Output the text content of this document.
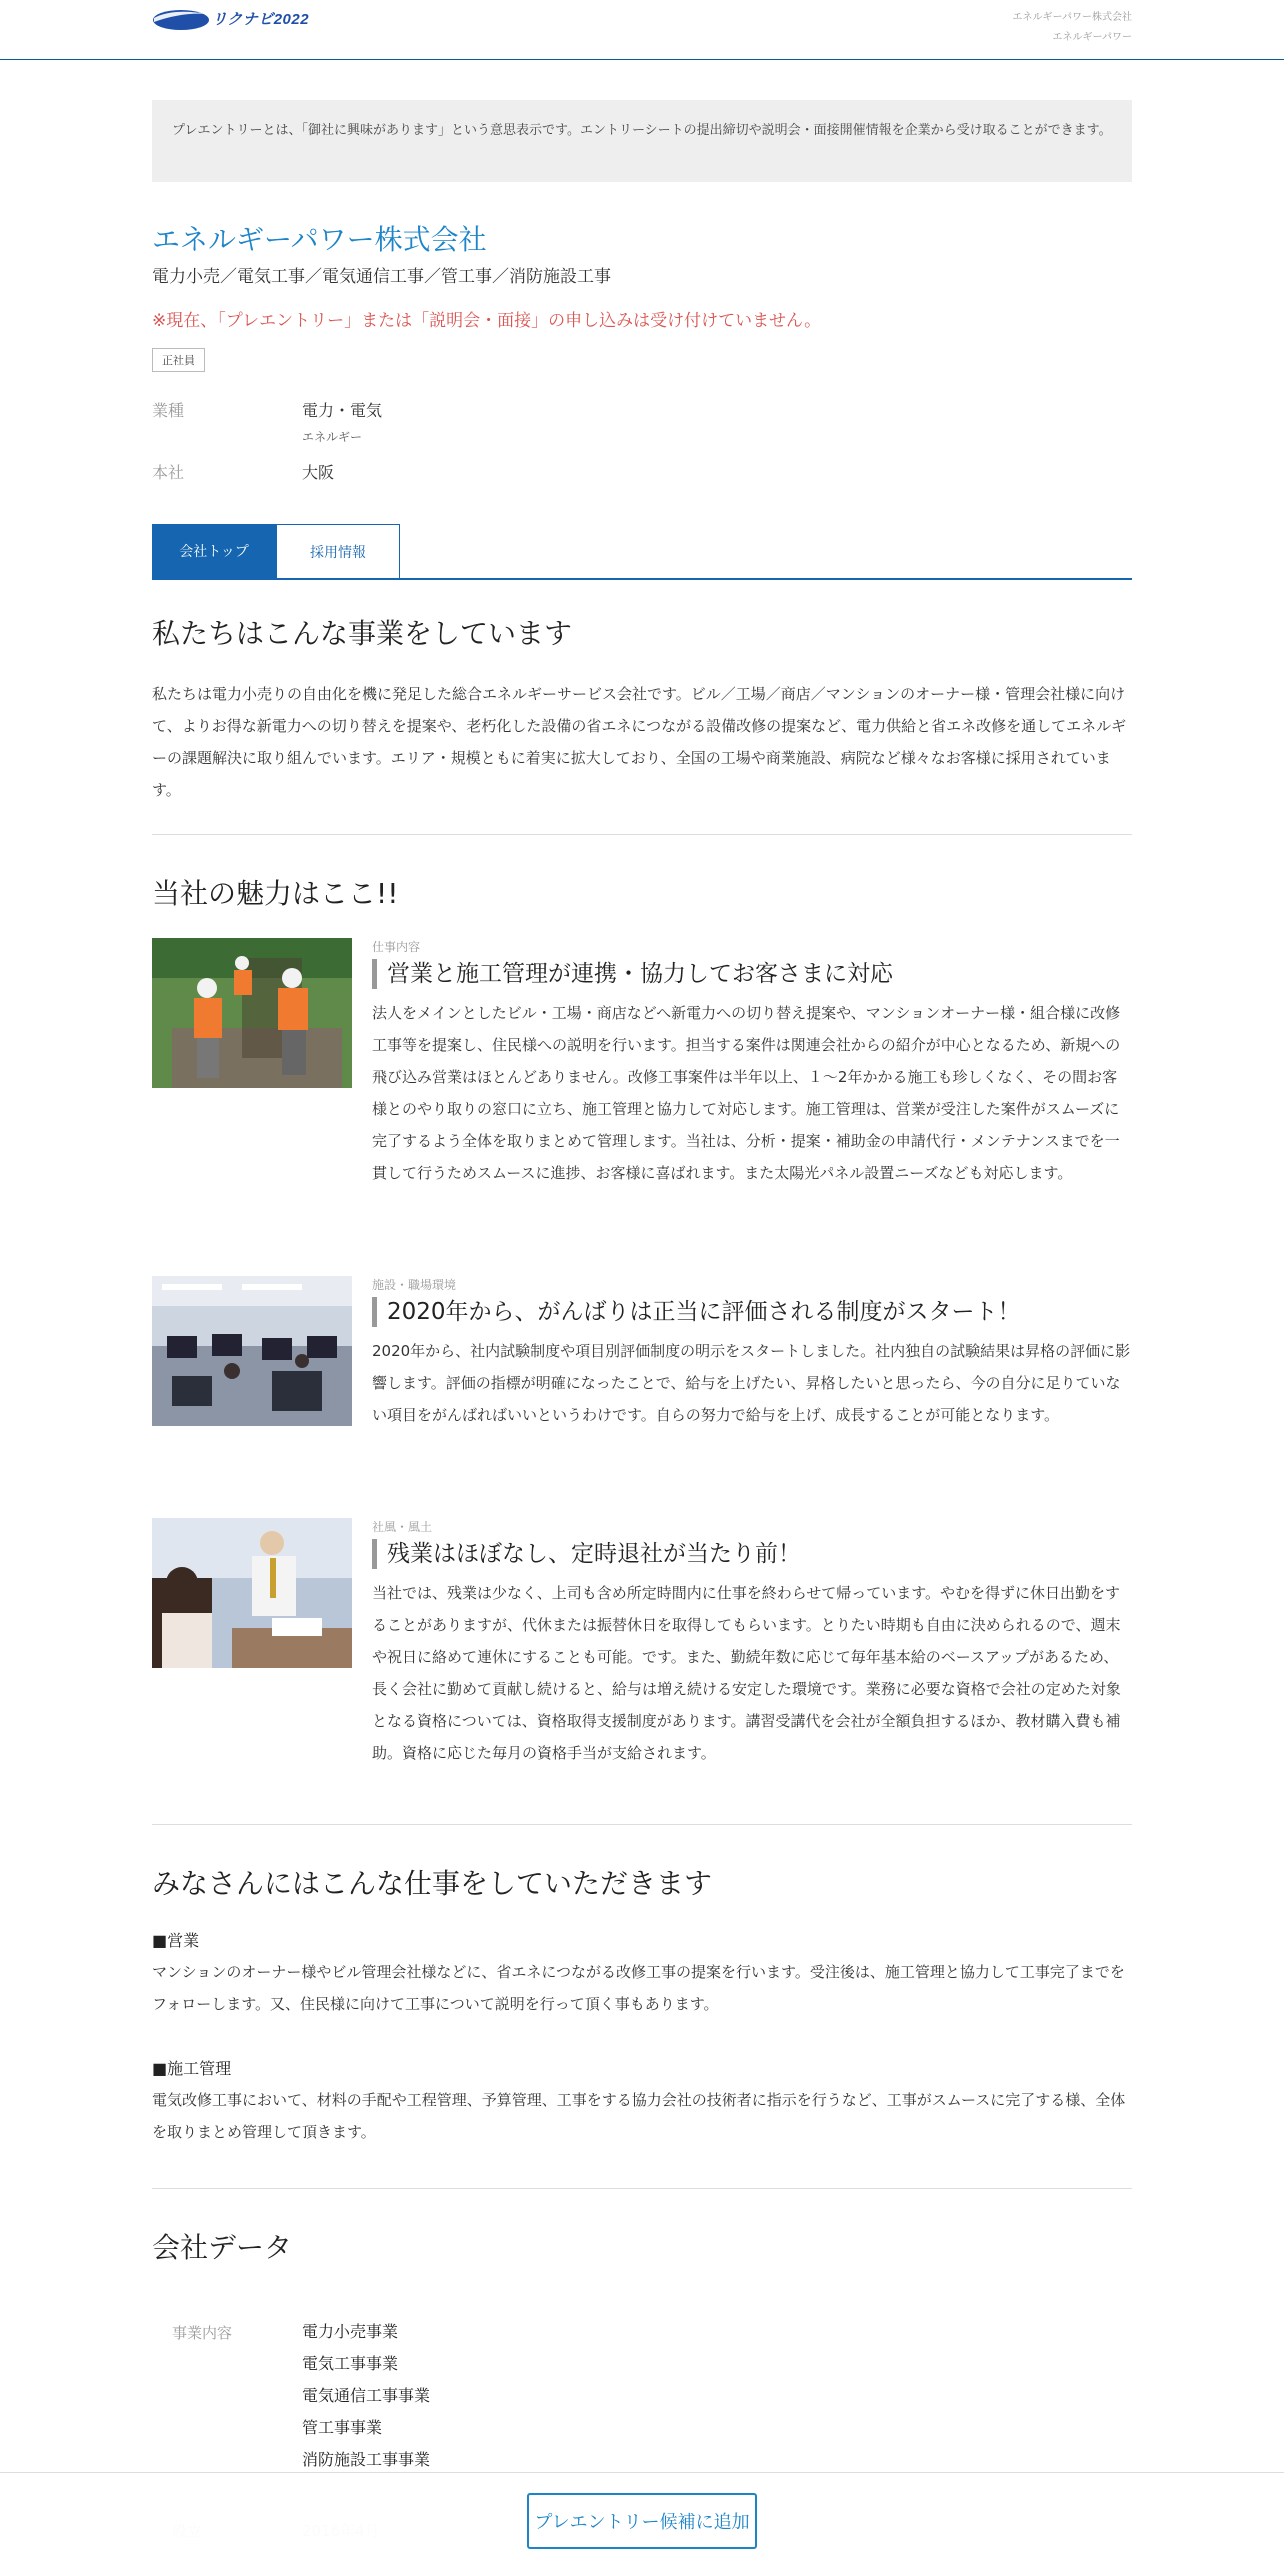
リクナビ2022	エネルギーパワー株式会社
エネルギーパワー
プレエントリーとは、「御社に興味があります」という意思表示です。エントリーシートの提出締切や説明会・面接開催情報を企業から受け取ることができます。
エネルギーパワー株式会社
電力小売／電気工事／電気通信工事／管工事／消防施設工事
※現在、「プレエントリー」または「説明会・面接」の申し込みは受け付けていません。
正社員
業種	電力・電気
エネルギー
本社	大阪
会社トップ	採用情報
私たちはこんな事業をしています

私たちは電力小売りの自由化を機に発足した総合エネルギーサービス会社です。ビル／工場／商店／マンションのオーナー様・管理会社様に向けて、よりお得な新電力への切り替えを提案や、老朽化した設備の省エネにつながる設備改修の提案など、電力供給と省エネ改修を通してエネルギーの課題解決に取り組んでいます。エリア・規模ともに着実に拡大しており、全国の工場や商業施設、病院など様々なお客様に採用されています。

当社の魅力はここ!!
仕事内容
営業と施工管理が連携・協力してお客さまに対応
法人をメインとしたビル・工場・商店などへ新電力への切り替え提案や、マンションオーナー様・組合様に改修工事等を提案し、住民様への説明を行います。担当する案件は関連会社からの紹介が中心となるため、新規への飛び込み営業はほとんどありません。改修工事案件は半年以上、１～2年かかる施工も珍しくなく、その間お客様とのやり取りの窓口に立ち、施工管理と協力して対応します。施工管理は、営業が受注した案件がスムーズに完了するよう全体を取りまとめて管理します。当社は、分析・提案・補助金の申請代行・メンテナンスまでを一貫して行うためスムースに進捗、お客様に喜ばれます。また太陽光パネル設置ニーズなども対応します。
施設・職場環境
2020年から、がんばりは正当に評価される制度がスタート！
2020年から、社内試験制度や項目別評価制度の明示をスタートしました。社内独自の試験結果は昇格の評価に影響します。評価の指標が明確になったことで、給与を上げたい、昇格したいと思ったら、今の自分に足りていない項目をがんばればいいというわけです。自らの努力で給与を上げ、成長することが可能となります。
社風・風土
残業はほぼなし、定時退社が当たり前！
当社では、残業は少なく、上司も含め所定時間内に仕事を終わらせて帰っています。やむを得ずに休日出勤をすることがありますが、代休または振替休日を取得してもらいます。とりたい時期も自由に決められるので、週末や祝日に絡めて連休にすることも可能。です。また、勤続年数に応じて毎年基本給のベースアップがあるため、長く会社に勤めて貢献し続けると、給与は増え続ける安定した環境です。業務に必要な資格で会社の定めた対象となる資格については、資格取得支援制度があります。講習受講代を会社が全額負担するほか、教材購入費も補助。資格に応じた毎月の資格手当が支給されます。
みなさんにはこんな仕事をしていただきます
■営業

マンションのオーナー様やビル管理会社様などに、省エネにつながる改修工事の提案を行います。受注後は、施工管理と協力して工事完了までをフォローします。又、住民様に向けて工事について説明を行って頂く事もあります。

■施工管理

電気改修工事において、材料の手配や工程管理、予算管理、工事をする協力会社の技術者に指示を行うなど、工事がスムースに完了する様、全体を取りまとめ管理して頂きます。

会社データ
事業内容	電力小売事業
電気工事事業
電気通信工事事業
管工事事業
消防施設工事事業
プレエントリー候補に追加
